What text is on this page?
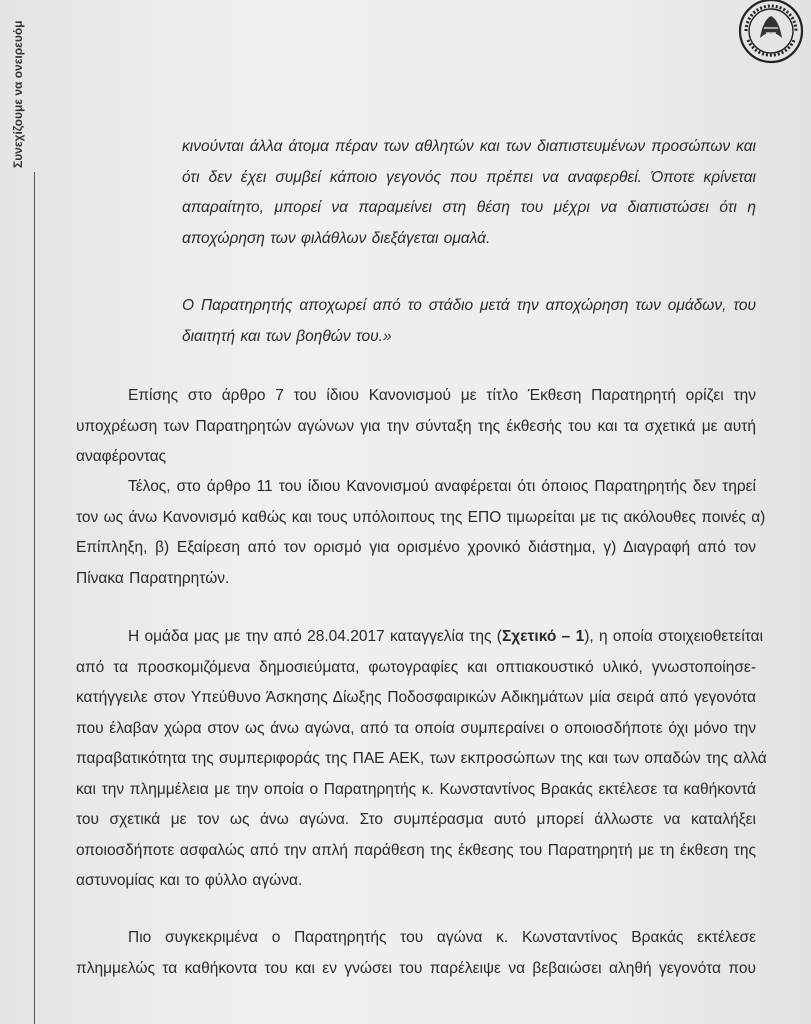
Συνεχίζουμε να ονειρευόμ	κινούνται άλλα άτομα πέραν των αθλητών και των διαπιστευμένων προσώπων και
ότι δεν έχει συμβεί κάποιο γεγονός που πρέπει να αναφερθεί. Όποτε κρίνεται
απαραίτητο, μπορεί να παραμείνει στη θέση του μέχρι να διαπιστώσει ότι η
αποχώρηση των φιλάθλων διεξάγεται ομαλά.
Ο Παρατηρητής αποχωρεί από το στάδιο μετά την αποχώρηση των ομάδων, του
διαιτητή και των βοηθών του.»
Επίσης στο άρθρο 7 του ίδιου Κανονισμού με τίτλο Έκθεση Παρατηρητή ορίζει την
υποχρέωση των Παρατηρητών αγώνων για την σύνταξη της έκθεσής του και τα σχετικά με αυτή
αναφέροντας
Τέλος, στο άρθρο 11 του ίδιου Κανονισμού αναφέρεται ότι όποιος Παρατηρητής δεν τηρεί
τον ως άνω Κανονισμό καθώς και τους υπόλοιπους της ΕΠΟ τιμωρείται με τις ακόλουθες ποινές α)
Επίπληξη, β) Εξαίρεση από τον ορισμό για ορισμένο χρονικό διάστημα, γ) Διαγραφή από τον
Πίνακα Παρατηρητών.
Η ομάδα μας με την από 28.04.2017 καταγγελία της (Σχετικό – 1), η οποία στοιχειοθετείται
από τα προσκομιζόμενα δημοσιεύματα, φωτογραφίες και οπτιακουστικό υλικό, γνωστοποίησε-
κατήγγειλε στον Υπεύθυνο Άσκησης Δίωξης Ποδοσφαιρικών Αδικημάτων μία σειρά από γεγονότα
που έλαβαν χώρα στον ως άνω αγώνα, από τα οποία συμπεραίνει ο οποιοσδήποτε όχι μόνο την
παραβατικότητα της συμπεριφοράς της ΠΑΕ ΑΕΚ, των εκπροσώπων της και των οπαδών της αλλά
και την πλημμέλεια με την οποία ο Παρατηρητής κ. Κωνσταντίνος Βρακάς εκτέλεσε τα καθήκοντά
του σχετικά με τον ως άνω αγώνα. Στο συμπέρασμα αυτό μπορεί άλλωστε να καταλήξει
οποιοσδήποτε ασφαλώς από την απλή παράθεση της έκθεσης του Παρατηρητή με τη έκθεση της
αστυνομίας και το φύλλο αγώνα.
Πιο συγκεκριμένα ο Παρατηρητής του αγώνα κ. Κωνσταντίνος Βρακάς εκτέλεσε
πλημμελώς τα καθήκοντα του και εν γνώσει του παρέλειψε να βεβαιώσει αληθή γεγονότα που
